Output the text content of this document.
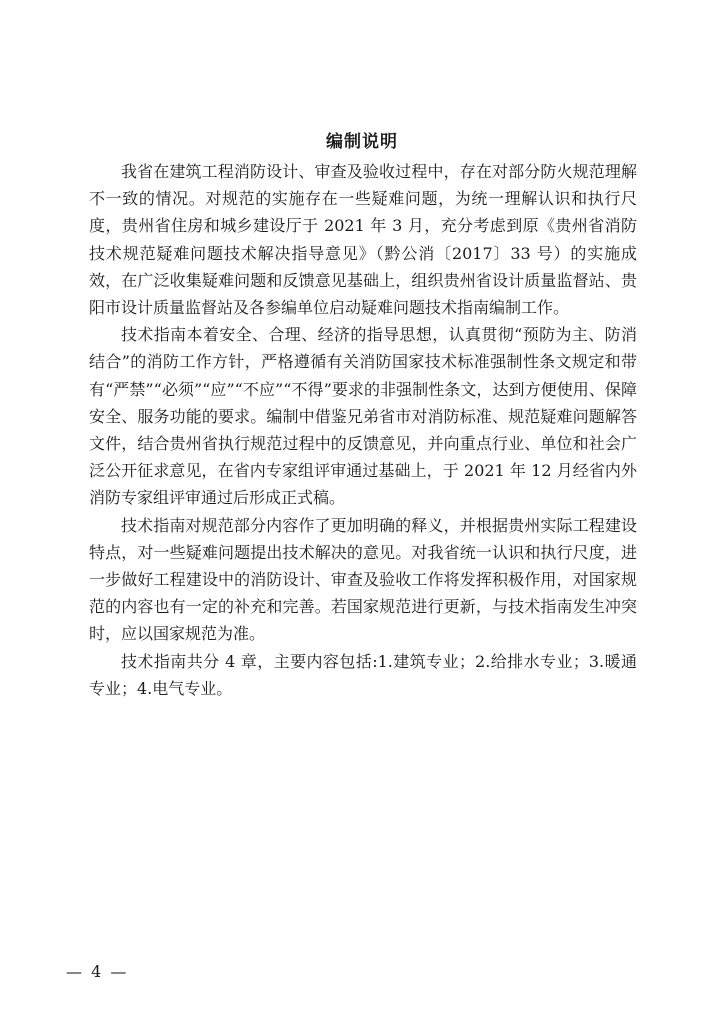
编制说明

我省在建筑工程消防设计、审查及验收过程中，存在对部分防火规范理解不一致的情况。对规范的实施存在一些疑难问题，为统一理解认识和执行尺度，贵州省住房和城乡建设厅于 2021 年 3 月，充分考虑到原《贵州省消防技术规范疑难问题技术解决指导意见》（黔公消〔2017〕33 号）的实施成效，在广泛收集疑难问题和反馈意见基础上，组织贵州省设计质量监督站、贵阳市设计质量监督站及各参编单位启动疑难问题技术指南编制工作。

技术指南本着安全、合理、经济的指导思想，认真贯彻“预防为主、防消结合”的消防工作方针，严格遵循有关消防国家技术标准强制性条文规定和带有“严禁”“必须”“应”“不应”“不得”要求的非强制性条文，达到方便使用、保障安全、服务功能的要求。编制中借鉴兄弟省市对消防标准、规范疑难问题解答文件，结合贵州省执行规范过程中的反馈意见，并向重点行业、单位和社会广泛公开征求意见，在省内专家组评审通过基础上，于 2021 年 12 月经省内外消防专家组评审通过后形成正式稿。

技术指南对规范部分内容作了更加明确的释义，并根据贵州实际工程建设特点，对一些疑难问题提出技术解决的意见。对我省统一认识和执行尺度，进一步做好工程建设中的消防设计、审查及验收工作将发挥积极作用，对国家规范的内容也有一定的补充和完善。若国家规范进行更新，与技术指南发生冲突时，应以国家规范为准。

技术指南共分 4 章，主要内容包括:1.建筑专业；2.给排水专业；3.暖通专业；4.电气专业。

— 4 —
